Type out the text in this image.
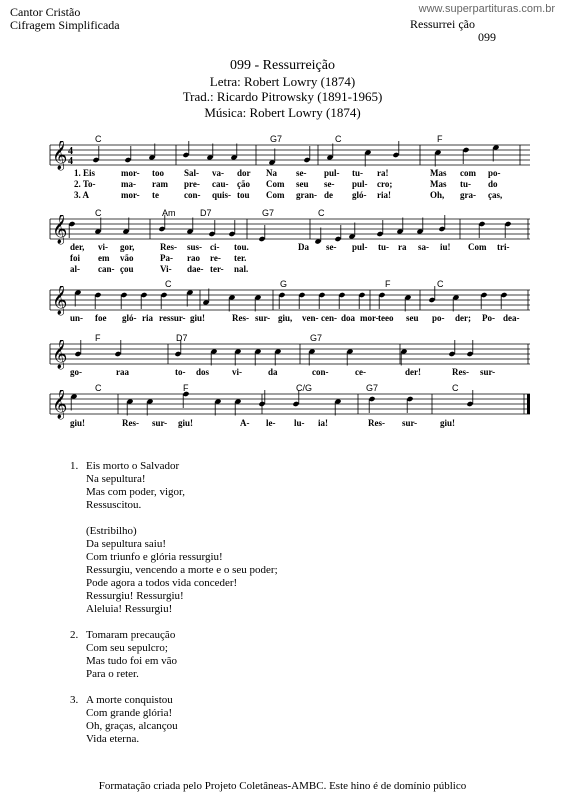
Cantor Cristão
Cifragem Simplificada	Ressurrei ção
099
www.superpartituras.com.br
099 - Ressurreição
Letra: Robert Lowry (1874)
Trad.: Ricardo Pitrowsky (1891-1965)
Música: Robert Lowry (1874)
𝄞 4
4
𝄞
𝄞
𝄞
𝄞
C	G7	C	F
C	Am	D7	G7	C
C	G	F	C
F	D7	G7
C	F	C/G	G7	C
1. Eis	mor- too Sal- va- dor Na se- pul- tu- ra!	Mas com po-
2. To-	ma- ram pre- cau- ção Com seu se- pul- cro;	Mas tu- do
3. A	mor- te	con- quis- tou Com gran- de gló- ria!	Oh, gra- ças,
der, vi- gor,	Res- sus- ci- tou.	Da se- pul- tu- ra sa- iu! Com tri-
foi em vão	Pa- rao re- ter.
al- can- çou	Vi- dae- ter- nal.
un- foe gló- ria ressur- giu!	Res- sur- giu, ven- cen- doa mor- teeo seu po- der; Po- dea-
go-	raa	to- dos	vi-	da	con-	ce-	der!	Res- sur-
giu!	Res- sur- giu!	A- le- lu- ia!	Res- sur-	giu!
1. Eis morto o Salvador
Na sepultura!
Mas com poder, vigor,
Ressuscitou.
(Estribilho)
Da sepultura saiu!
Com triunfo e glória ressurgiu!
Ressurgiu, vencendo a morte e o seu poder;
Pode agora a todos vida conceder!
Ressurgiu! Ressurgiu!
Aleluia! Ressurgiu!
2. Tomaram precaução
Com seu sepulcro;
Mas tudo foi em vão
Para o reter.
3. A morte conquistou
Com grande glória!
Oh, graças, alcançou
Vida eterna.
Formatação criada pelo Projeto Coletâneas-AMBC. Este hino é de domínio público
